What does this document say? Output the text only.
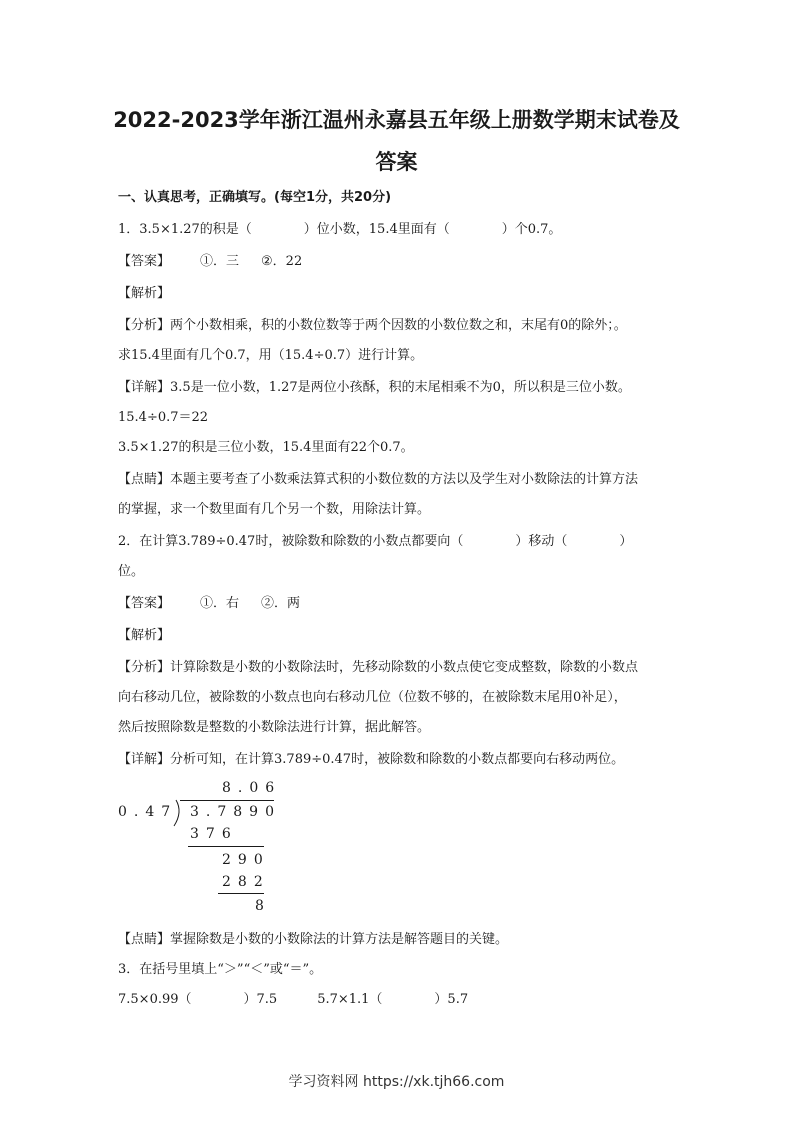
2022-2023学年浙江温州永嘉县五年级上册数学期末试卷及
答案
一、认真思考，正确填写。(每空1分，共20分)
1．3.5×1.27的积是（　　　　）位小数，15.4里面有（　　　　）个0.7。
【答案】 ①．三 ②．22
【解析】
【分析】两个小数相乘，积的小数位数等于两个因数的小数位数之和，末尾有0的除外；。
求15.4里面有几个0.7，用（15.4÷0.7）进行计算。
【详解】3.5是一位小数，1.27是两位小孩酥，积的末尾相乘不为0，所以积是三位小数。
15.4÷0.7＝22
3.5×1.27的积是三位小数，15.4里面有22个0.7。
【点睛】本题主要考查了小数乘法算式积的小数位数的方法以及学生对小数除法的计算方法
的掌握，求一个数里面有几个另一个数，用除法计算。
2．在计算3.789÷0.47时，被除数和除数的小数点都要向（　　　　）移动（　　　　）
位。
【答案】 ①．右 ②．两
【解析】
【分析】计算除数是小数的小数除法时，先移动除数的小数点使它变成整数，除数的小数点
向右移动几位，被除数的小数点也向右移动几位（位数不够的，在被除数末尾用0补足），
然后按照除数是整数的小数除法进行计算，据此解答。
【详解】分析可知，在计算3.789÷0.47时，被除数和除数的小数点都要向右移动两位。
8.06
0.47 3.7890
376
290
282
8
【点睛】掌握除数是小数的小数除法的计算方法是解答题目的关键。
3．在括号里填上“＞”“＜”或“＝”。
7.5×0.99（　　　　）7.5	5.7×1.1（　　　　）5.7
学习资料网 https://xk.tjh66.com
